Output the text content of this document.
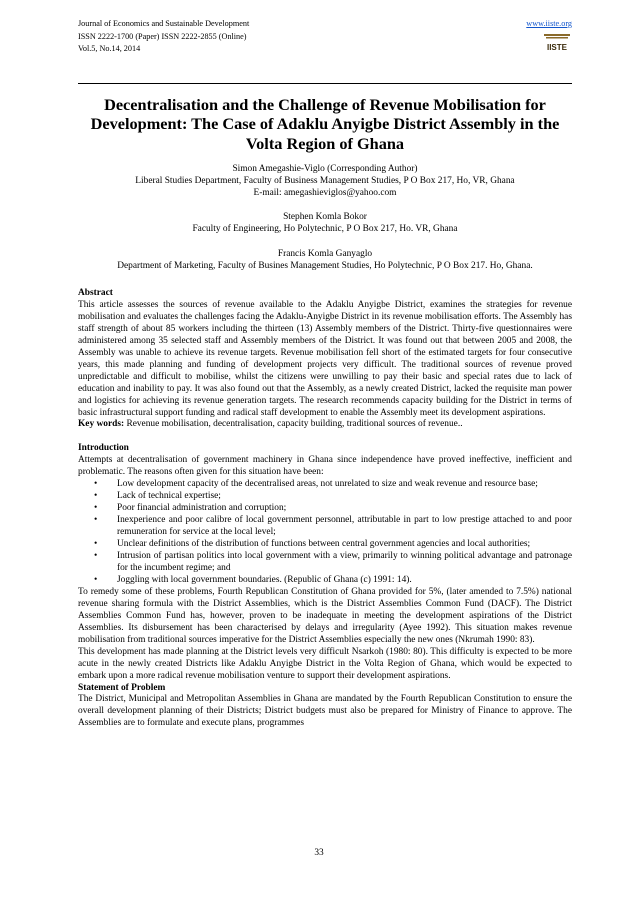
Journal of Economics and Sustainable Development
ISSN 2222-1700 (Paper) ISSN 2222-2855 (Online)
Vol.5, No.14, 2014
www.iiste.org
IISTE
Decentralisation and the Challenge of Revenue Mobilisation for Development: The Case of Adaklu Anyigbe District Assembly in the Volta Region of Ghana
Simon Amegashie-Viglo (Corresponding Author)
Liberal Studies Department, Faculty of Business Management Studies, P O Box 217, Ho, VR, Ghana
E-mail: amegashieviglos@yahoo.com
Stephen Komla Bokor
Faculty of Engineering, Ho Polytechnic, P O Box 217, Ho. VR, Ghana
Francis Komla Ganyaglo
Department of Marketing, Faculty of Busines Management Studies, Ho Polytechnic, P O Box 217. Ho, Ghana.
Abstract

This article assesses the sources of revenue available to the Adaklu Anyigbe District, examines the strategies for revenue mobilisation and evaluates the challenges facing the Adaklu-Anyigbe District in its revenue mobilisation efforts. The Assembly has staff strength of about 85 workers including the thirteen (13) Assembly members of the District. Thirty-five questionnaires were administered among 35 selected staff and Assembly members of the District. It was found out that between 2005 and 2008, the Assembly was unable to achieve its revenue targets. Revenue mobilisation fell short of the estimated targets for four consecutive years, this made planning and funding of development projects very difficult. The traditional sources of revenue proved unpredictable and difficult to mobilise, whilst the citizens were unwilling to pay their basic and special rates due to lack of education and inability to pay. It was also found out that the Assembly, as a newly created District, lacked the requisite man power and logistics for achieving its revenue generation targets. The research recommends capacity building for the District in terms of basic infrastructural support funding and radical staff development to enable the Assembly meet its development aspirations.

Key words: Revenue mobilisation, decentralisation, capacity building, traditional sources of revenue..

Introduction

Attempts at decentralisation of government machinery in Ghana since independence have proved ineffective, inefficient and problematic. The reasons often given for this situation have been:

• Low development capacity of the decentralised areas, not unrelated to size and weak revenue and resource base;
• Lack of technical expertise;
• Poor financial administration and corruption;
• Inexperience and poor calibre of local government personnel, attributable in part to low prestige attached to and poor remuneration for service at the local level;
• Unclear definitions of the distribution of functions between central government agencies and local authorities;
• Intrusion of partisan politics into local government with a view, primarily to winning political advantage and patronage for the incumbent regime; and
• Joggling with local government boundaries. (Republic of Ghana (c) 1991: 14).

To remedy some of these problems, Fourth Republican Constitution of Ghana provided for 5%, (later amended to 7.5%) national revenue sharing formula with the District Assemblies, which is the District Assemblies Common Fund (DACF). The District Assemblies Common Fund has, however, proven to be inadequate in meeting the development aspirations of the District Assemblies. Its disbursement has been characterised by delays and irregularity (Ayee 1992). This situation makes revenue mobilisation from traditional sources imperative for the District Assemblies especially the new ones (Nkrumah 1990: 83).

This development has made planning at the District levels very difficult Nsarkoh (1980: 80). This difficulty is expected to be more acute in the newly created Districts like Adaklu Anyigbe District in the Volta Region of Ghana, which would be expected to embark upon a more radical revenue mobilisation venture to support their development aspirations.

Statement of Problem

The District, Municipal and Metropolitan Assemblies in Ghana are mandated by the Fourth Republican Constitution to ensure the overall development planning of their Districts; District budgets must also be prepared for Ministry of Finance to approve. The Assemblies are to formulate and execute plans, programmes

33
